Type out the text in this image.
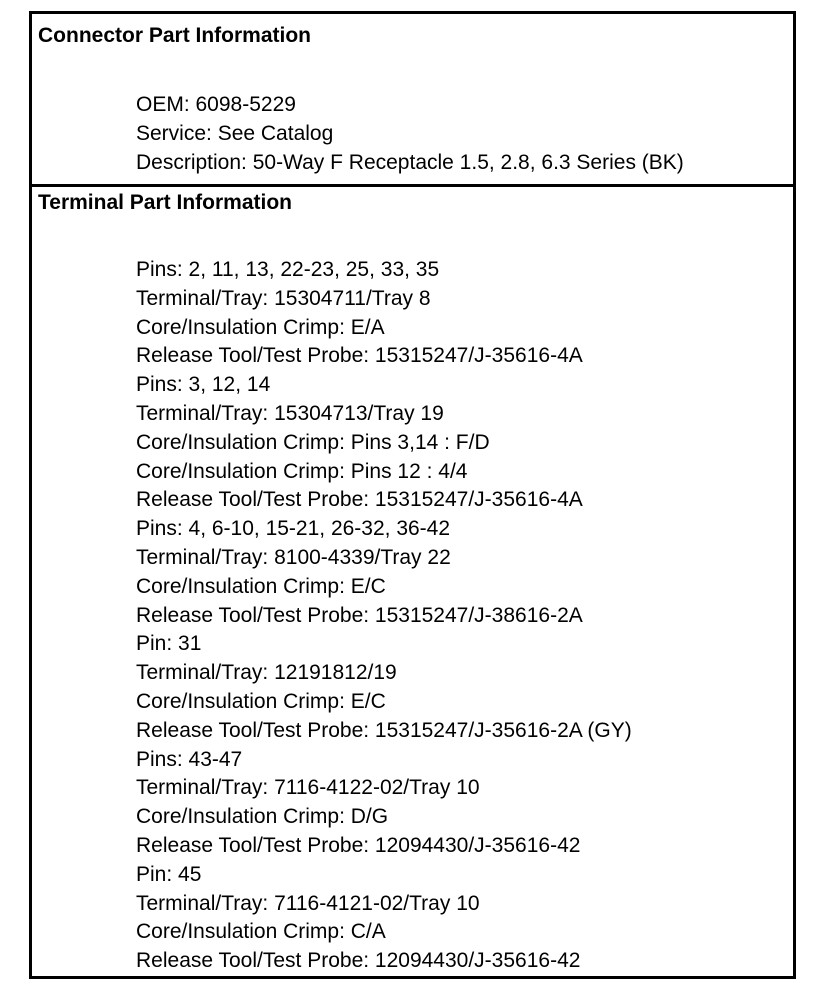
Connector Part Information
OEM: 6098-5229
Service: See Catalog
Description: 50-Way F Receptacle 1.5, 2.8, 6.3 Series (BK)
Terminal Part Information
Pins: 2, 11, 13, 22-23, 25, 33, 35
Terminal/Tray: 15304711/Tray 8
Core/Insulation Crimp: E/A
Release Tool/Test Probe: 15315247/J-35616-4A
Pins: 3, 12, 14
Terminal/Tray: 15304713/Tray 19
Core/Insulation Crimp: Pins 3,14 : F/D
Core/Insulation Crimp: Pins 12 : 4/4
Release Tool/Test Probe: 15315247/J-35616-4A
Pins: 4, 6-10, 15-21, 26-32, 36-42
Terminal/Tray: 8100-4339/Tray 22
Core/Insulation Crimp: E/C
Release Tool/Test Probe: 15315247/J-38616-2A
Pin: 31
Terminal/Tray: 12191812/19
Core/Insulation Crimp: E/C
Release Tool/Test Probe: 15315247/J-35616-2A (GY)
Pins: 43-47
Terminal/Tray: 7116-4122-02/Tray 10
Core/Insulation Crimp: D/G
Release Tool/Test Probe: 12094430/J-35616-42
Pin: 45
Terminal/Tray: 7116-4121-02/Tray 10
Core/Insulation Crimp: C/A
Release Tool/Test Probe: 12094430/J-35616-42
